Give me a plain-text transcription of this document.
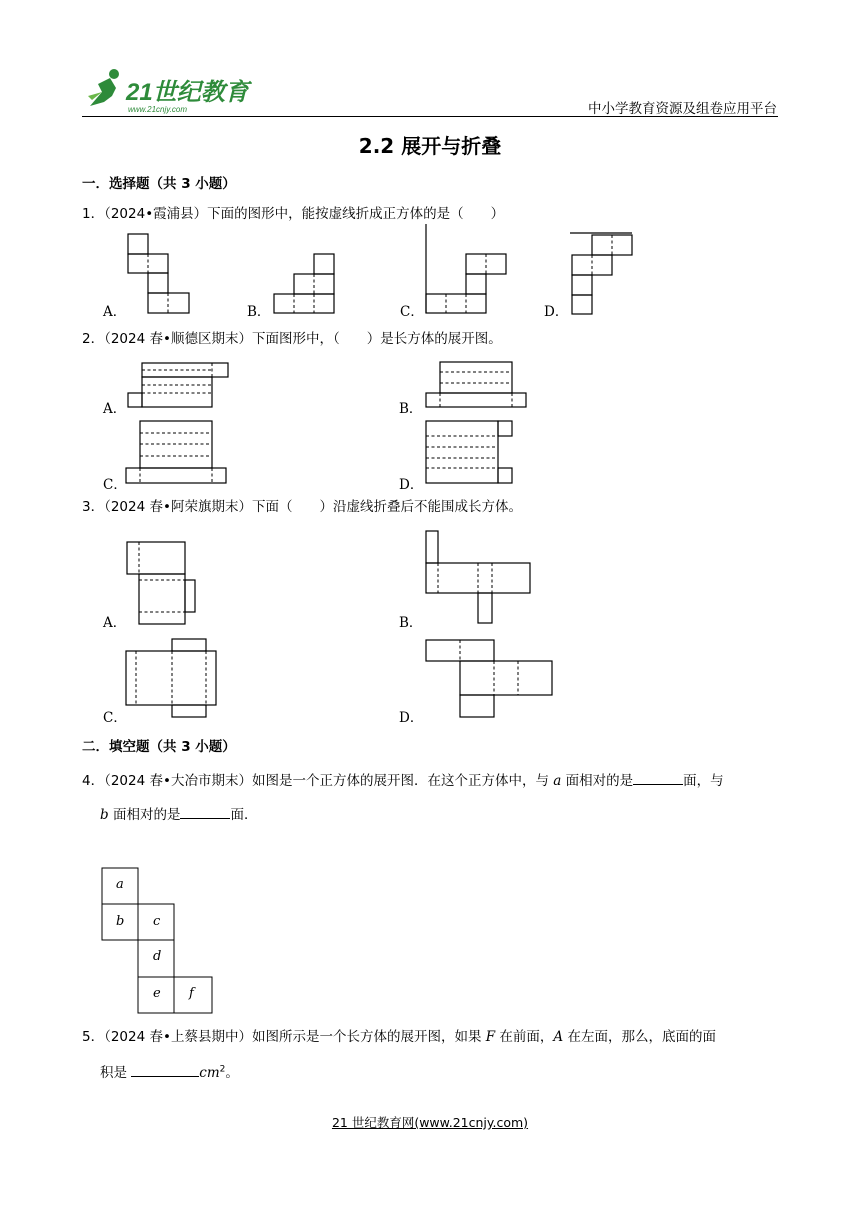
21世纪教育
www.21cnjy.com	中小学教育资源及组卷应用平台
2.2 展开与折叠
一．选择题（共 3 小题）
1．（2024•霞浦县）下面的图形中，能按虚线折成正方体的是（　　）
A．	B．	C．	D．
2．（2024 春•顺德区期末）下面图形中，（　　）是长方体的展开图。
A．	B．
C．	D．
3．（2024 春•阿荣旗期末）下面（　　）沿虚线折叠后不能围成长方体。
A．	B．
C．	D．
二．填空题（共 3 小题）
4．（2024 春•大冶市期末）如图是一个正方体的展开图．在这个正方体中，与 a 面相对的是	面，与
b 面相对的是	面．
a
b c
d
e f
5．（2024 春•上蔡县期中）如图所示是一个长方体的展开图，如果 F 在前面，A 在左面，那么，底面的面
积是	$cm^2$。
21 世纪教育网(www.21cnjy.com)
